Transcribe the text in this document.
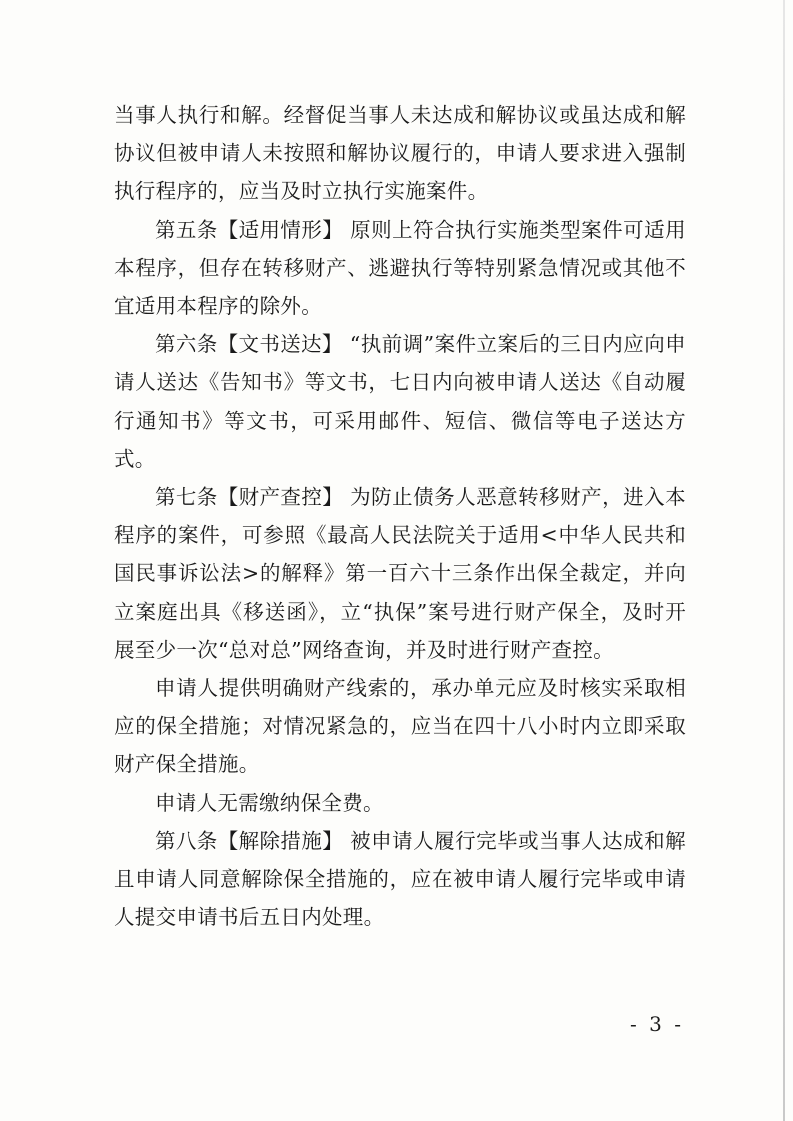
当事人执行和解。经督促当事人未达成和解协议或虽达成和解协议但被申请人未按照和解协议履行的，申请人要求进入强制执行程序的，应当及时立执行实施案件。

第五条【适用情形】 原则上符合执行实施类型案件可适用本程序，但存在转移财产、逃避执行等特别紧急情况或其他不宜适用本程序的除外。

第六条【文书送达】 “执前调”案件立案后的三日内应向申请人送达《告知书》等文书，七日内向被申请人送达《自动履行通知书》等文书，可采用邮件、短信、微信等电子送达方式。

第七条【财产查控】 为防止债务人恶意转移财产，进入本程序的案件，可参照《最高人民法院关于适用<中华人民共和国民事诉讼法>的解释》第一百六十三条作出保全裁定，并向立案庭出具《移送函》，立“执保”案号进行财产保全，及时开展至少一次“总对总”网络查询，并及时进行财产查控。

申请人提供明确财产线索的，承办单元应及时核实采取相应的保全措施；对情况紧急的，应当在四十八小时内立即采取财产保全措施。

申请人无需缴纳保全费。

第八条【解除措施】 被申请人履行完毕或当事人达成和解且申请人同意解除保全措施的，应在被申请人履行完毕或申请人提交申请书后五日内处理。

- 3 -
